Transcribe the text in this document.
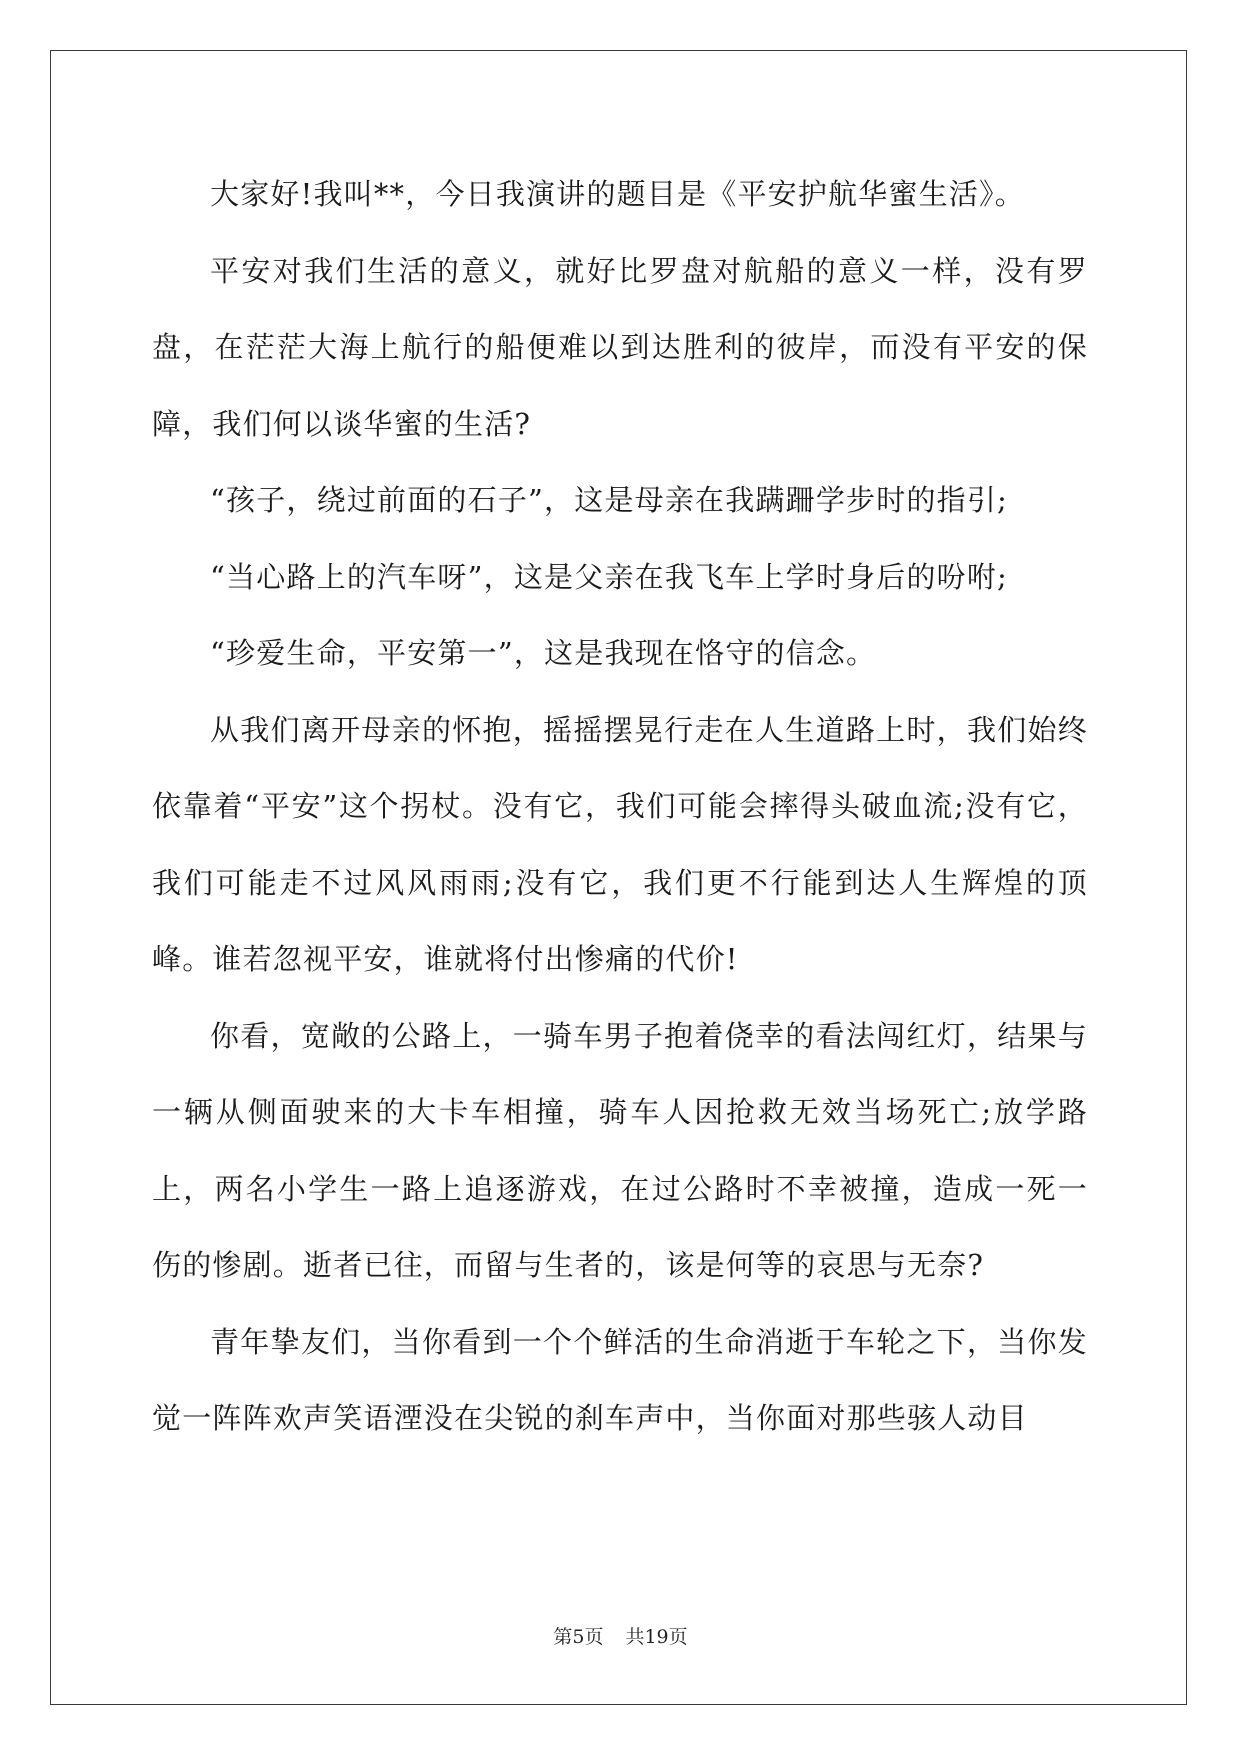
大家好!我叫**，今日我演讲的题目是《平安护航华蜜生活》。

平安对我们生活的意义，就好比罗盘对航船的意义一样，没有罗盘，在茫茫大海上航行的船便难以到达胜利的彼岸，而没有平安的保障，我们何以谈华蜜的生活?

“孩子，绕过前面的石子”，这是母亲在我蹒跚学步时的指引;

“当心路上的汽车呀”，这是父亲在我飞车上学时身后的吩咐;

“珍爱生命，平安第一”，这是我现在恪守的信念。

从我们离开母亲的怀抱，摇摇摆晃行走在人生道路上时，我们始终依靠着“平安”这个拐杖。没有它，我们可能会摔得头破血流;没有它，我们可能走不过风风雨雨;没有它，我们更不行能到达人生辉煌的顶峰。谁若忽视平安，谁就将付出惨痛的代价!

你看，宽敞的公路上，一骑车男子抱着侥幸的看法闯红灯，结果与一辆从侧面驶来的大卡车相撞，骑车人因抢救无效当场死亡;放学路上，两名小学生一路上追逐游戏，在过公路时不幸被撞，造成一死一伤的惨剧。逝者已往，而留与生者的，该是何等的哀思与无奈?

青年挚友们，当你看到一个个鲜活的生命消逝于车轮之下，当你发觉一阵阵欢声笑语湮没在尖锐的刹车声中，当你面对那些骇人动目

第5页 共19页
